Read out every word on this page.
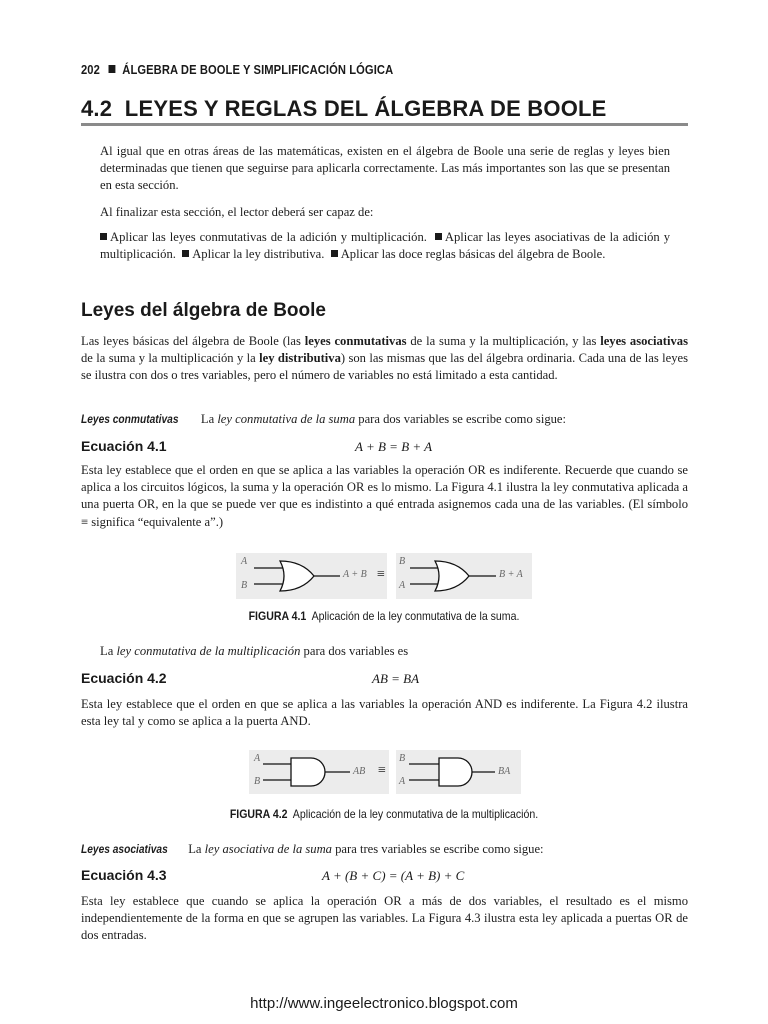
202 ÁLGEBRA DE BOOLE Y SIMPLIFICACIÓN LÓGICA
4.2  LEYES Y REGLAS DEL ÁLGEBRA DE BOOLE
Al igual que en otras áreas de las matemáticas, existen en el álgebra de Boole una serie de reglas y leyes bien determinadas que tienen que seguirse para aplicarla correctamente. Las más importantes son las que se presentan en esta sección.
Al finalizar esta sección, el lector deberá ser capaz de:
Aplicar las leyes conmutativas de la adición y multiplicación. Aplicar las leyes asociativas de la adición y multiplicación. Aplicar la ley distributiva. Aplicar las doce reglas básicas del álgebra de Boole.
Leyes del álgebra de Boole
Las leyes básicas del álgebra de Boole (las leyes conmutativas de la suma y la multiplicación, y las leyes asociativas de la suma y la multiplicación y la ley distributiva) son las mismas que las del álgebra ordinaria. Cada una de las leyes se ilustra con dos o tres variables, pero el número de variables no está limitado a esta cantidad.
Leyes conmutativas La ley conmutativa de la suma para dos variables se escribe como sigue:
Ecuación 4.1	A + B = B + A
Esta ley establece que el orden en que se aplica a las variables la operación OR es indiferente. Recuerde que cuando se aplica a los circuitos lógicos, la suma y la operación OR es lo mismo. La Figura 4.1 ilustra la ley conmutativa aplicada a una puerta OR, en la que se puede ver que es indistinto a qué entrada asignemos cada una de las variables. (El símbolo ≡ significa “equivalente a”.)
A
B
A + B ≡
B
A
B + A
FIGURA 4.1 Aplicación de la ley conmutativa de la suma.
La ley conmutativa de la multiplicación para dos variables es
Ecuación 4.2	AB = BA
Esta ley establece que el orden en que se aplica a las variables la operación AND es indiferente. La Figura 4.2 ilustra esta ley tal y como se aplica a la puerta AND.
A
B
AB ≡
B
A
BA
FIGURA 4.2 Aplicación de la ley conmutativa de la multiplicación.
Leyes asociativas La ley asociativa de la suma para tres variables se escribe como sigue:
Ecuación 4.3	A + (B + C) = (A + B) + C
Esta ley establece que cuando se aplica la operación OR a más de dos variables, el resultado es el mismo independientemente de la forma en que se agrupen las variables. La Figura 4.3 ilustra esta ley aplicada a puertas OR de dos entradas.
http://www.ingeelectronico.blogspot.com
